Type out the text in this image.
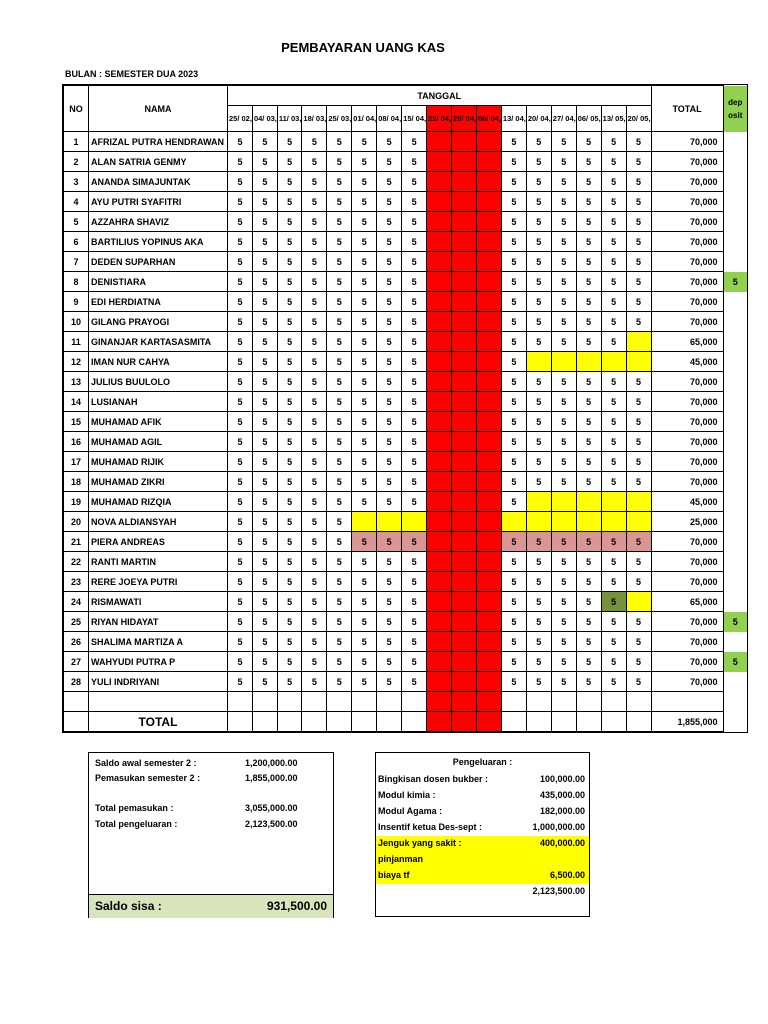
PEMBAYARAN UANG KAS
BULAN : SEMESTER DUA 2023
NO	NAMA	TANGGAL																	TOTAL	dep osit
		25/ 02,	04/ 03,	11/ 03,	18/ 03,	25/ 03,	01/ 04,	08/ 04,	15/ 04,	22/ 04,	29/ 04,	06/ 04,	13/ 04,	20/ 04,	27/ 04,	06/ 05,	13/ 05,	20/ 05,		
1	AFRIZAL PUTRA HENDRAWAN	5	5	5	5	5	5	5	5				5	5	5	5	5	5	70,000	
2	ALAN SATRIA GENMY	5	5	5	5	5	5	5	5				5	5	5	5	5	5	70,000	
3	ANANDA SIMAJUNTAK	5	5	5	5	5	5	5	5				5	5	5	5	5	5	70,000	
4	AYU PUTRI SYAFITRI	5	5	5	5	5	5	5	5				5	5	5	5	5	5	70,000	
5	AZZAHRA SHAVIZ	5	5	5	5	5	5	5	5				5	5	5	5	5	5	70,000	
6	BARTILIUS YOPINUS AKA	5	5	5	5	5	5	5	5				5	5	5	5	5	5	70,000	
7	DEDEN SUPARHAN	5	5	5	5	5	5	5	5				5	5	5	5	5	5	70,000	
8	DENISTIARA	5	5	5	5	5	5	5	5				5	5	5	5	5	5	70,000	5
9	EDI HERDIATNA	5	5	5	5	5	5	5	5				5	5	5	5	5	5	70,000	
10	GILANG PRAYOGI	5	5	5	5	5	5	5	5				5	5	5	5	5	5	70,000	
11	GINANJAR KARTASASMITA	5	5	5	5	5	5	5	5				5	5	5	5	5		65,000	
12	IMAN NUR CAHYA	5	5	5	5	5	5	5	5				5						45,000	
13	JULIUS BUULOLO	5	5	5	5	5	5	5	5				5	5	5	5	5	5	70,000	
14	LUSIANAH	5	5	5	5	5	5	5	5				5	5	5	5	5	5	70,000	
15	MUHAMAD AFIK	5	5	5	5	5	5	5	5				5	5	5	5	5	5	70,000	
16	MUHAMAD AGIL	5	5	5	5	5	5	5	5				5	5	5	5	5	5	70,000	
17	MUHAMAD RIJIK	5	5	5	5	5	5	5	5				5	5	5	5	5	5	70,000	
18	MUHAMAD ZIKRI	5	5	5	5	5	5	5	5				5	5	5	5	5	5	70,000	
19	MUHAMAD RIZQIA	5	5	5	5	5	5	5	5				5						45,000	
20	NOVA ALDIANSYAH	5	5	5	5	5													25,000	
21	PIERA ANDREAS	5	5	5	5	5	5	5	5				5	5	5	5	5	5	70,000	
22	RANTI MARTIN	5	5	5	5	5	5	5	5				5	5	5	5	5	5	70,000	
23	RERE JOEYA PUTRI	5	5	5	5	5	5	5	5				5	5	5	5	5	5	70,000	
24	RISMAWATI	5	5	5	5	5	5	5	5				5	5	5	5	5		65,000	
25	RIYAN HIDAYAT	5	5	5	5	5	5	5	5				5	5	5	5	5	5	70,000	5
26	SHALIMA MARTIZA A	5	5	5	5	5	5	5	5				5	5	5	5	5	5	70,000	
27	WAHYUDI PUTRA P	5	5	5	5	5	5	5	5				5	5	5	5	5	5	70,000	5
28	YULI INDRIYANI	5	5	5	5	5	5	5	5				5	5	5	5	5	5	70,000	

	TOTAL																		1,855,000	
Saldo awal semester 2 :	1,200,000.00
Pemasukan semester 2 :	1,855,000.00
Total pemasukan :	3,055,000.00
Total pengeluaran :	2,123,500.00
Saldo sisa :	931,500.00
Pengeluaran :
Bingkisan dosen bukber :	100,000.00
Modul kimia :	435,000.00
Modul Agama :	182,000.00
Insentif ketua Des-sept :	1,000,000.00
Jenguk yang sakit :	400,000.00
pinjanman
biaya tf	6,500.00
2,123,500.00
